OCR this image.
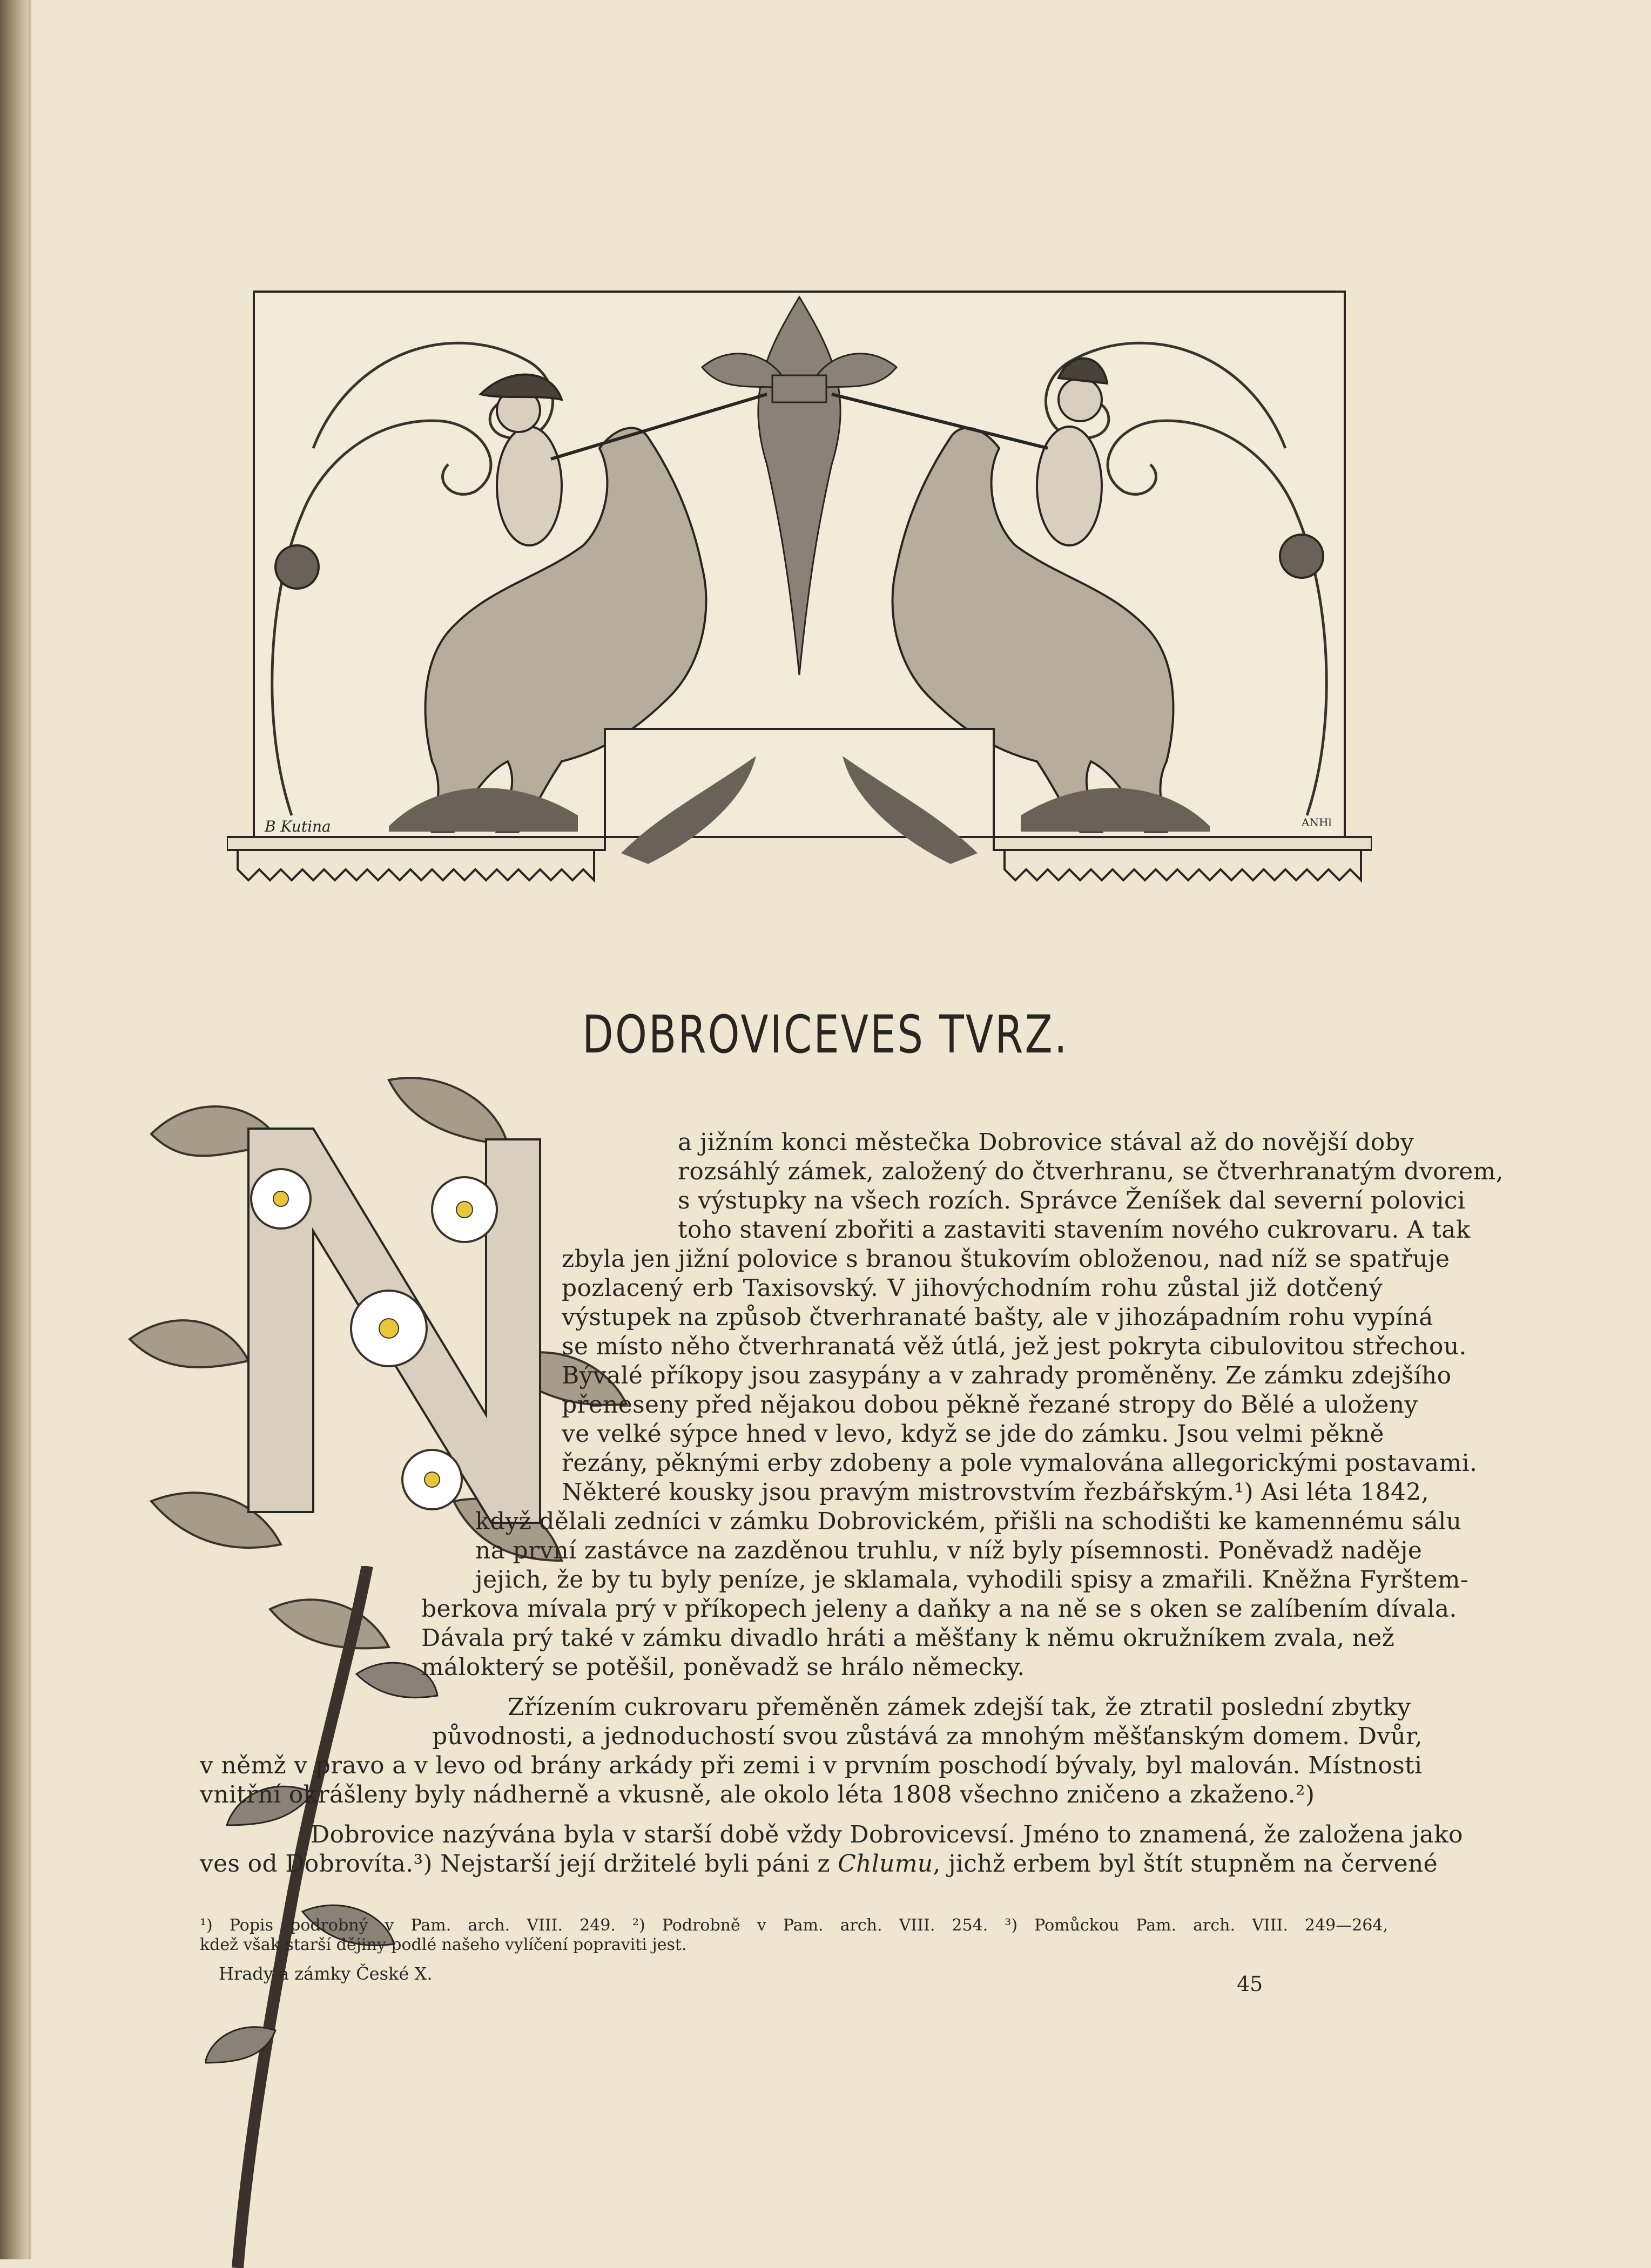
B Kutina	ANHl
DOBROVICEVES TVRZ.
a jižním konci městečka Dobrovice stával až do novější doby
rozsáhlý zámek, založený do čtverhranu, se čtverhranatým dvorem,
s výstupky na všech rozích. Správce Ženíšek dal severní polovici
toho stavení zbořiti a zastaviti stavením nového cukrovaru. A tak
zbyla jen jižní polovice s branou štukovím obloženou, nad níž se spatřuje
pozlacený erb Taxisovský. V jihovýchodním rohu zůstal již dotčený
výstupek na způsob čtverhranaté bašty, ale v jihozápadním rohu vypíná
se místo něho čtverhranatá věž útlá, jež jest pokryta cibulovitou střechou.
Bývalé příkopy jsou zasypány a v zahrady proměněny. Ze zámku zdejšího
přeneseny před nějakou dobou pěkně řezané stropy do Bělé a uloženy
ve velké sýpce hned v levo, když se jde do zámku. Jsou velmi pěkně
řezány, pěknými erby zdobeny a pole vymalována allegorickými postavami.
Některé kousky jsou pravým mistrovstvím řezbářským.¹) Asi léta 1842,
když dělali zedníci v zámku Dobrovickém, přišli na schodišti ke kamennému sálu
na první zastávce na zazděnou truhlu, v níž byly písemnosti. Poněvadž naděje
jejich, že by tu byly peníze, je sklamala, vyhodili spisy a zmařili. Kněžna Fyrštem-
berkova mívala prý v příkopech jeleny a daňky a na ně se s oken se zalíbením dívala.
Dávala prý také v zámku divadlo hráti a měšťany k němu okružníkem zvala, než
málokterý se potěšil, poněvadž se hrálo německy.
Zřízením cukrovaru přeměněn zámek zdejší tak, že ztratil poslední zbytky
původnosti, a jednoduchostí svou zůstává za mnohým měšťanským domem. Dvůr,
v němž v pravo a v levo od brány arkády při zemi i v prvním poschodí bývaly, byl malován. Místnosti
vnitřní okrášleny byly nádherně a vkusně, ale okolo léta 1808 všechno zničeno a zkaženo.²)
Dobrovice nazývána byla v starší době vždy Dobrovicevsí. Jméno to znamená, že založena jako
ves od Dobrovíta.³) Nejstarší její držitelé byli páni z Chlumu, jichž erbem byl štít stupněm na červené
¹) Popis podrobný v Pam. arch. VIII. 249. ²) Podrobně v Pam. arch. VIII. 254. ³) Pomůckou Pam. arch. VIII. 249—264,
kdež však starší dějiny podlé našeho vylíčení popraviti jest.
Hrady a zámky České X.	45
